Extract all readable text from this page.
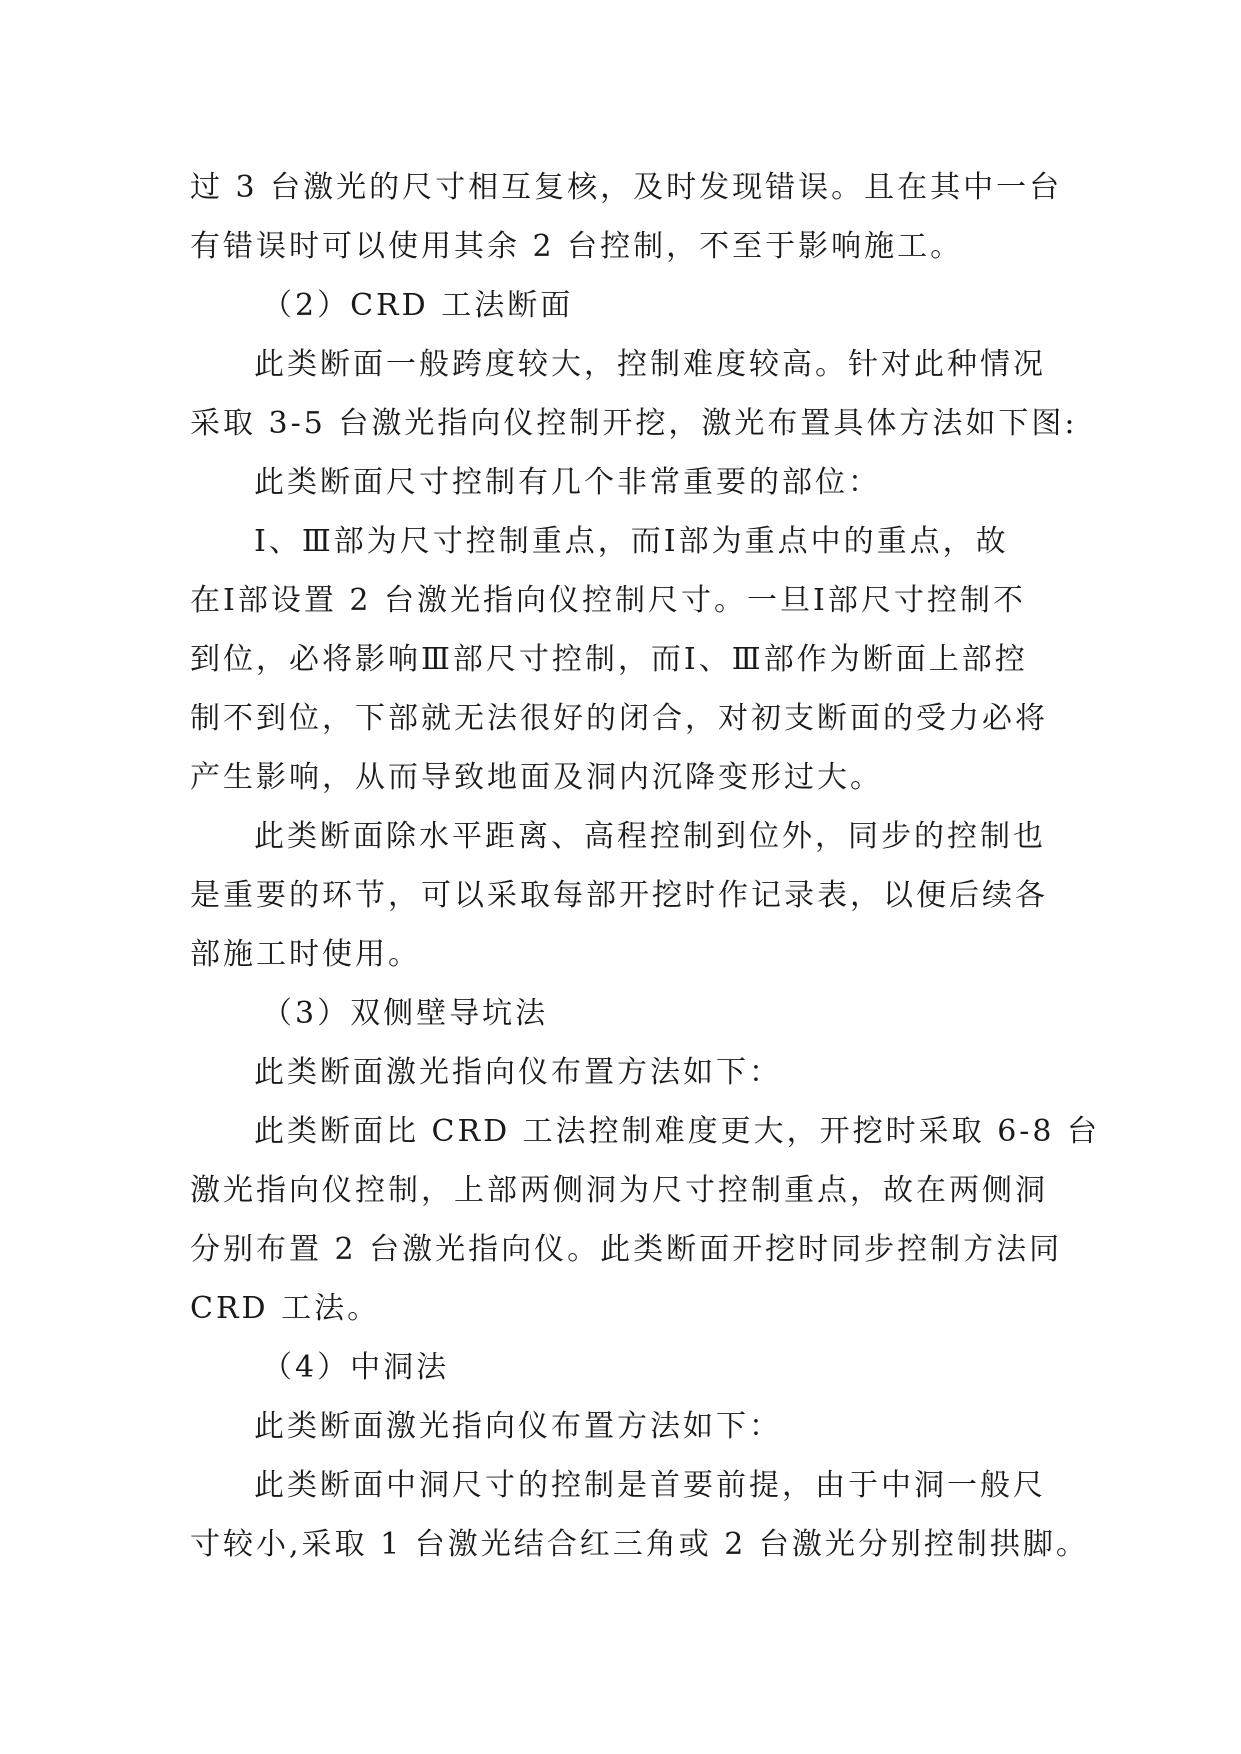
过 3 台激光的尺寸相互复核，及时发现错误。且在其中一台
有错误时可以使用其余 2 台控制，不至于影响施工。
（2）CRD 工法断面
此类断面一般跨度较大，控制难度较高。针对此种情况
采取 3-5 台激光指向仪控制开挖，激光布置具体方法如下图:
此类断面尺寸控制有几个非常重要的部位：
Ⅰ、Ⅲ部为尺寸控制重点，而Ⅰ部为重点中的重点，故
在Ⅰ部设置 2 台激光指向仪控制尺寸。一旦Ⅰ部尺寸控制不
到位，必将影响Ⅲ部尺寸控制，而Ⅰ、Ⅲ部作为断面上部控
制不到位，下部就无法很好的闭合，对初支断面的受力必将
产生影响，从而导致地面及洞内沉降变形过大。
此类断面除水平距离、高程控制到位外，同步的控制也
是重要的环节，可以采取每部开挖时作记录表，以便后续各
部施工时使用。
（3）双侧壁导坑法
此类断面激光指向仪布置方法如下：
此类断面比 CRD 工法控制难度更大，开挖时采取 6-8 台
激光指向仪控制，上部两侧洞为尺寸控制重点，故在两侧洞
分别布置 2 台激光指向仪。此类断面开挖时同步控制方法同
CRD 工法。
（4）中洞法
此类断面激光指向仪布置方法如下：
此类断面中洞尺寸的控制是首要前提，由于中洞一般尺
寸较小,采取 1 台激光结合红三角或 2 台激光分别控制拱脚。
